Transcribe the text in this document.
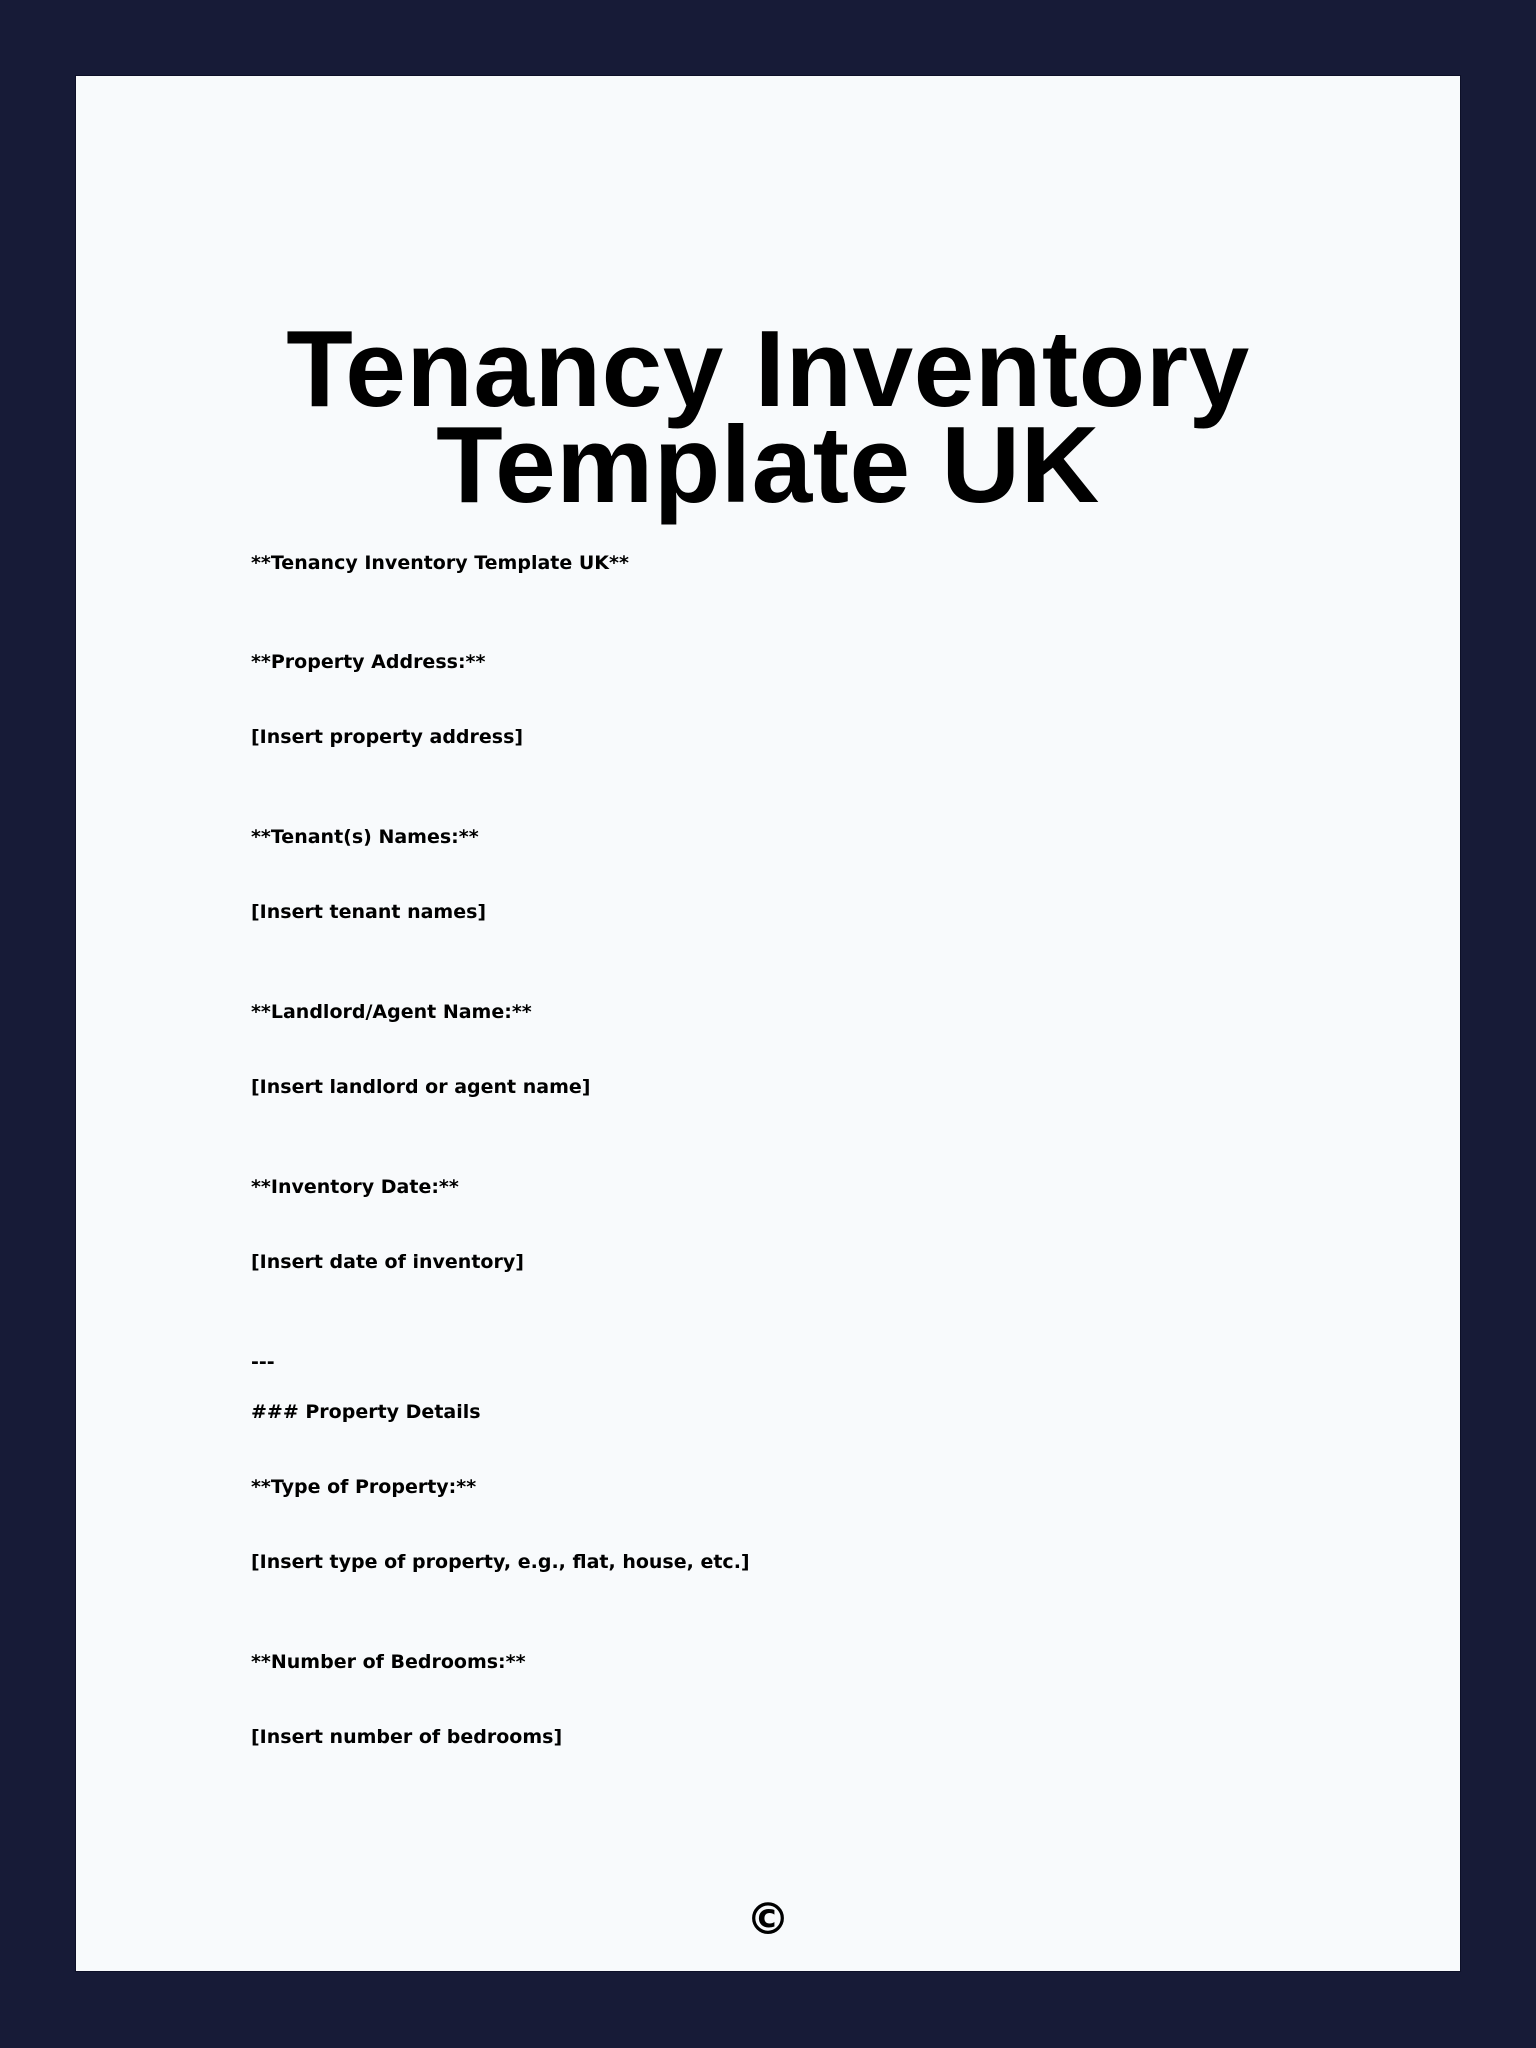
Tenancy Inventory Template UK

**Tenancy Inventory Template UK**

**Property Address:**

[Insert property address]

**Tenant(s) Names:**

[Insert tenant names]

**Landlord/Agent Name:**

[Insert landlord or agent name]

**Inventory Date:**

[Insert date of inventory]

---

### Property Details

**Type of Property:**

[Insert type of property, e.g., flat, house, etc.]

**Number of Bedrooms:**

[Insert number of bedrooms]

©
